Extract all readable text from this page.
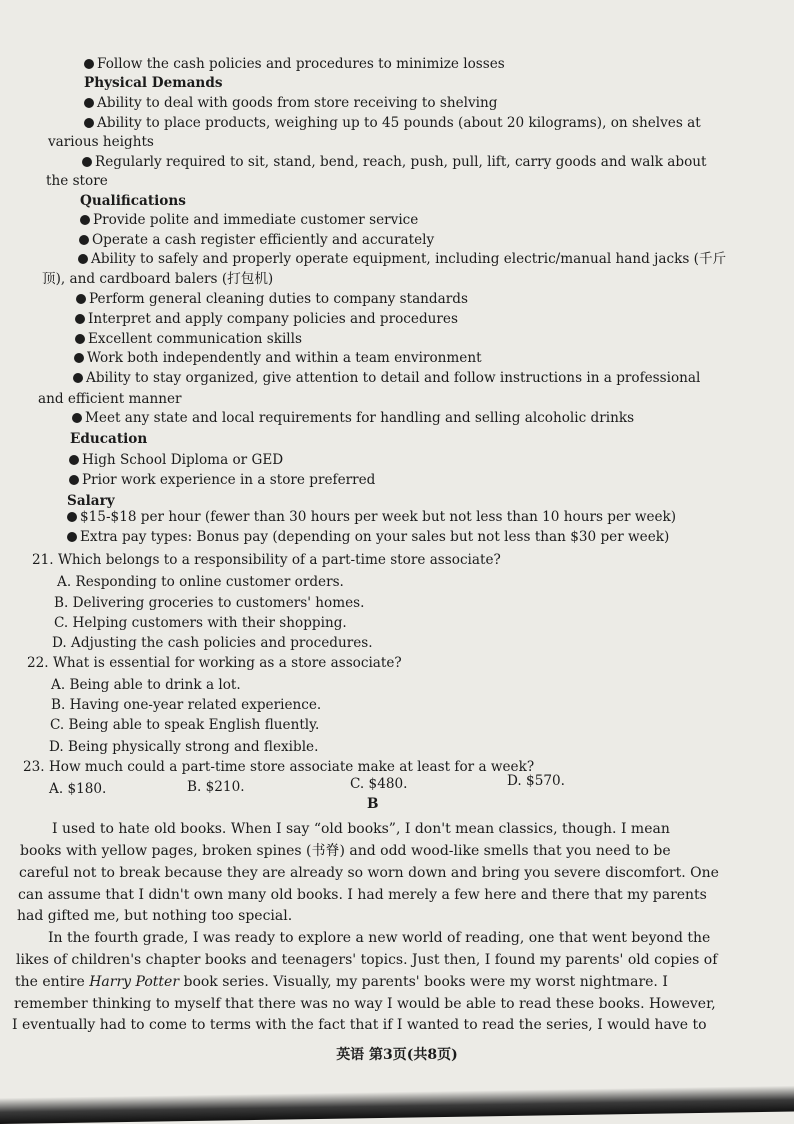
Follow the cash policies and procedures to minimize losses
Physical Demands
Ability to deal with goods from store receiving to shelving
Ability to place products, weighing up to 45 pounds (about 20 kilograms), on shelves at
various heights
Regularly required to sit, stand, bend, reach, push, pull, lift, carry goods and walk about
the store
Qualifications
Provide polite and immediate customer service
Operate a cash register efficiently and accurately
Ability to safely and properly operate equipment, including electric/manual hand jacks (千斤
顶), and cardboard balers (打包机)
Perform general cleaning duties to company standards
Interpret and apply company policies and procedures
Excellent communication skills
Work both independently and within a team environment
Ability to stay organized, give attention to detail and follow instructions in a professional
and efficient manner
Meet any state and local requirements for handling and selling alcoholic drinks
Education
High School Diploma or GED
Prior work experience in a store preferred
Salary
$15-$18 per hour (fewer than 30 hours per week but not less than 10 hours per week)
Extra pay types: Bonus pay (depending on your sales but not less than $30 per week)
21. Which belongs to a responsibility of a part-time store associate?
A. Responding to online customer orders.
B. Delivering groceries to customers' homes.
C. Helping customers with their shopping.
D. Adjusting the cash policies and procedures.
22. What is essential for working as a store associate?
A. Being able to drink a lot.
B. Having one-year related experience.
C. Being able to speak English fluently.
D. Being physically strong and flexible.
23. How much could a part-time store associate make at least for a week?
A. $180.	B. $210.	C. $480.	D. $570.
B
I used to hate old books. When I say “old books”, I don't mean classics, though. I mean
books with yellow pages, broken spines (书脊) and odd wood-like smells that you need to be
careful not to break because they are already so worn down and bring you severe discomfort. One
can assume that I didn't own many old books. I had merely a few here and there that my parents
had gifted me, but nothing too special.
In the fourth grade, I was ready to explore a new world of reading, one that went beyond the
likes of children's chapter books and teenagers' topics. Just then, I found my parents' old copies of
the entire Harry Potter book series. Visually, my parents' books were my worst nightmare. I
remember thinking to myself that there was no way I would be able to read these books. However,
I eventually had to come to terms with the fact that if I wanted to read the series, I would have to
英语 第3页(共8页)
